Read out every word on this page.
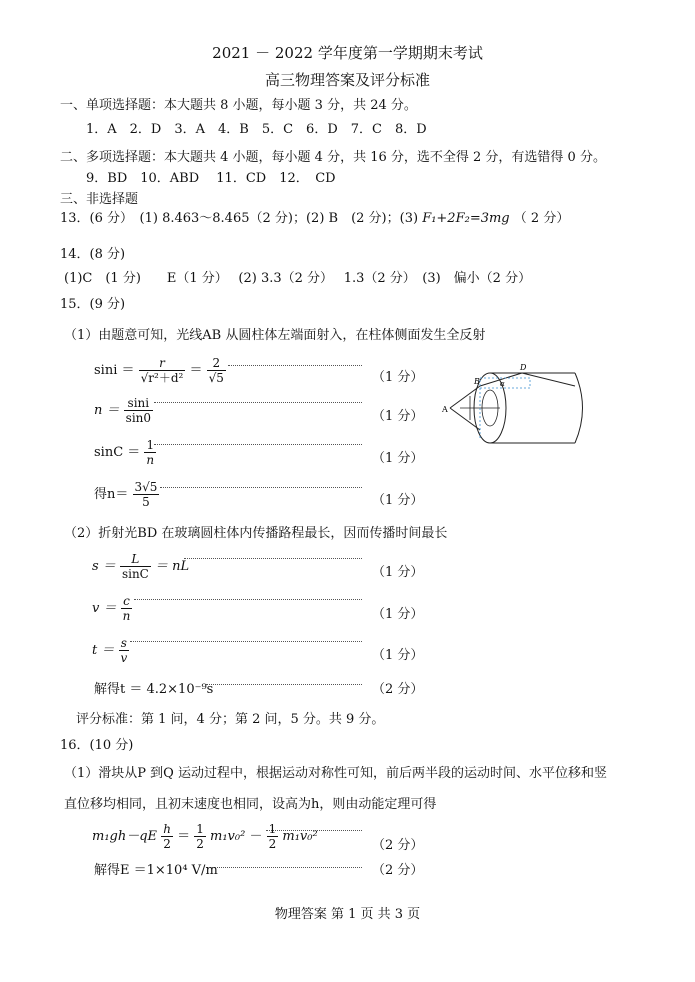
2021 － 2022 学年度第一学期期末考试
高三物理答案及评分标准
一、单项选择题：本大题共 8 小题，每小题 3 分，共 24 分。
1．A　2．D　3．A　4．B　5．C　6．D　7．C　8．D
二、多项选择题：本大题共 4 小题，每小题 4 分，共 16 分，选不全得 2 分，有选错得 0 分。
9．BD　10．ABD　 11．CD　12．　CD
三、非选择题
13．(6 分）　(1) 8.463～8.465（2 分)；(2) B　(2 分)；(3) F₁+2F₂=3mg （ 2 分）
14．(8 分)
(1)C　(1 分)　　E（1 分）　 (2) 3.3（2 分）　 1.3（2 分）　(3)　偏小（2 分）
15．(9 分)
（1）由题意可知，光线AB 从圆柱体左端面射入，在柱体侧面发生全反射
$\sin i = \frac{r}{\text{√r²＋d²}} = \frac{2}{√5}$	（1 分）
$n = \frac{\sin i}{\sin 0}$	（1 分）
$\sin C = \frac{1}{n}$	（1 分）
得$n= \frac{3√5}{5}$	（1 分）
A
B
D
α
（2）折射光BD 在玻璃圆柱体内传播路程最长，因而传播时间最长
$s = \frac{L}{\sin C}$ ＝ nL	（1 分）
$v = \frac{c}{n}$	（1 分）
$t = \frac{s}{v}$	（1 分）
解得t ＝ 4.2×10⁻⁹s	（2 分）
评分标准：第 1 问，4 分；第 2 问，5 分。共 9 分。
16．(10 分)
（1）滑块从P 到Q 运动过程中，根据运动对称性可知，前后两半段的运动时间、水平位移和竖
直位移均相同，且初末速度也相同，设高为h，则由动能定理可得
$m_1gh-qE \frac{h}{2} = \frac{1}{2} m_1v_0^2 - \frac{1}{2} m_1v_0^2$
（2 分）
解得E ＝1×10⁴ V/m	（2 分）
物理答案 第 1 页 共 3 页
